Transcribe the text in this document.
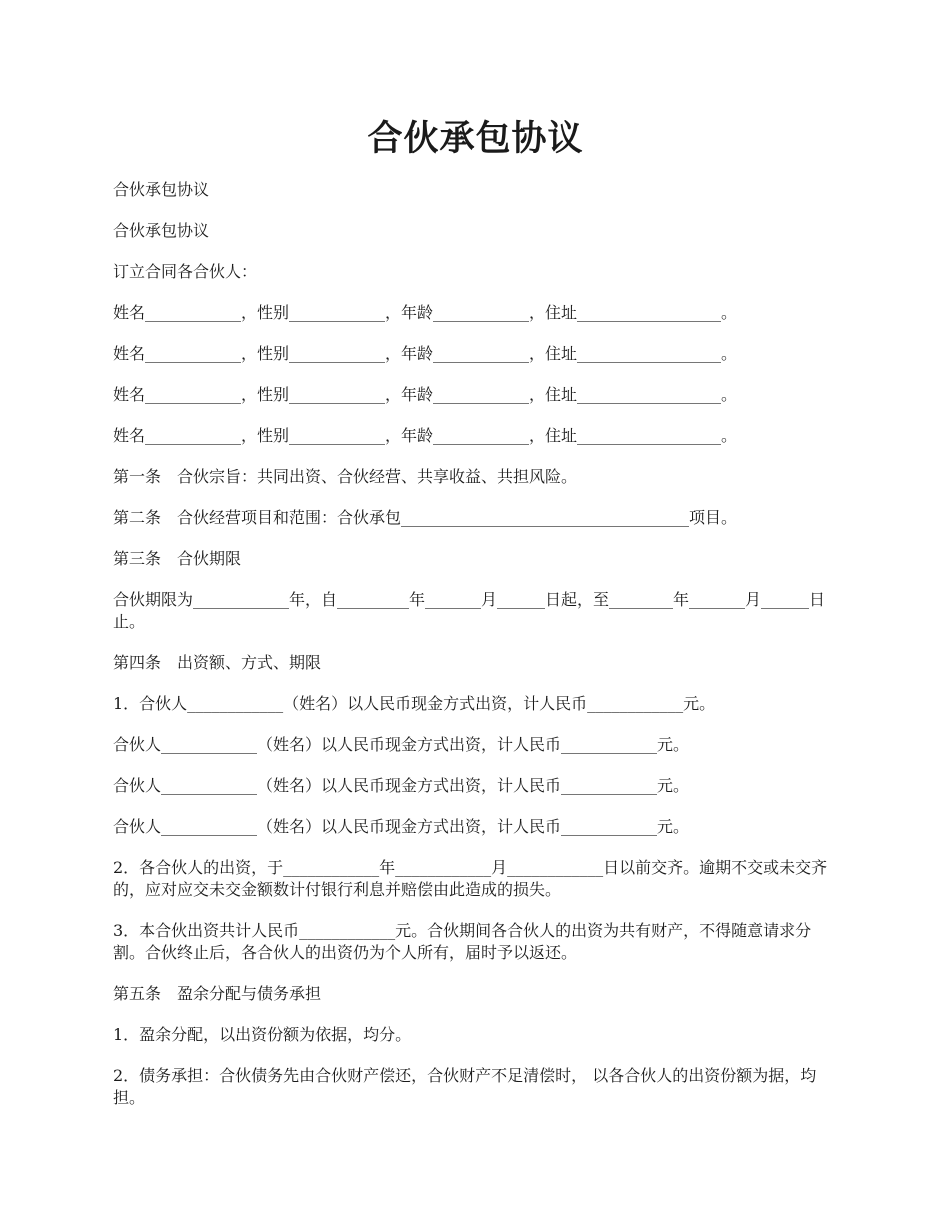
合伙承包协议

合伙承包协议

合伙承包协议

订立合同各合伙人：

姓名____________，性别____________，年龄____________，住址__________________。

姓名____________，性别____________，年龄____________，住址__________________。

姓名____________，性别____________，年龄____________，住址__________________。

姓名____________，性别____________，年龄____________，住址__________________。

第一条　合伙宗旨：共同出资、合伙经营、共享收益、共担风险。

第二条　合伙经营项目和范围：合伙承包____________________________________项目。

第三条　合伙期限

合伙期限为____________年，自_________年_______月______日起，至________年_______月______日止。

第四条　出资额、方式、期限

1．合伙人____________（姓名）以人民币现金方式出资，计人民币____________元。

合伙人____________（姓名）以人民币现金方式出资，计人民币____________元。

合伙人____________（姓名）以人民币现金方式出资，计人民币____________元。

合伙人____________（姓名）以人民币现金方式出资，计人民币____________元。

2．各合伙人的出资，于____________年____________月____________日以前交齐。逾期不交或未交齐的，应对应交未交金额数计付银行利息并赔偿由此造成的损失。

3．本合伙出资共计人民币____________元。合伙期间各合伙人的出资为共有财产，不得随意请求分割。合伙终止后，各合伙人的出资仍为个人所有，届时予以返还。

第五条　盈余分配与债务承担

1．盈余分配，以出资份额为依据，均分。

2．债务承担：合伙债务先由合伙财产偿还，合伙财产不足清偿时， 以各合伙人的出资份额为据，均担。
